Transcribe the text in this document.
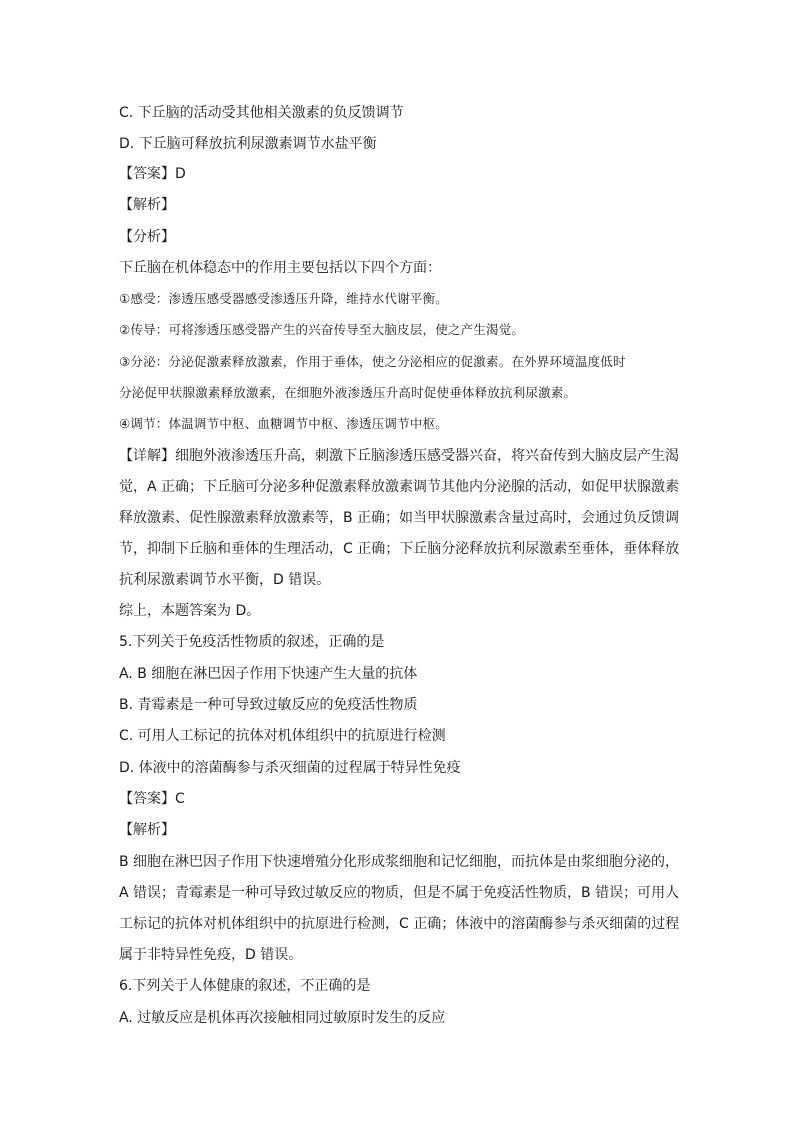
C. 下丘脑的活动受其他相关激素的负反馈调节
D. 下丘脑可释放抗利尿激素调节水盐平衡
【答案】D
【解析】
【分析】
下丘脑在机体稳态中的作用主要包括以下四个方面：
①感受：渗透压感受器感受渗透压升降，维持水代谢平衡。
②传导：可将渗透压感受器产生的兴奋传导至大脑皮层，使之产生渴觉。
③分泌：分泌促激素释放激素，作用于垂体，使之分泌相应的促激素。在外界环境温度低时
分泌促甲状腺激素释放激素，在细胞外液渗透压升高时促使垂体释放抗利尿激素。
④调节：体温调节中枢、血糖调节中枢、渗透压调节中枢。
【详解】细胞外液渗透压升高，刺激下丘脑渗透压感受器兴奋，将兴奋传到大脑皮层产生渴
觉，A 正确；下丘脑可分泌多种促激素释放激素调节其他内分泌腺的活动，如促甲状腺激素
释放激素、促性腺激素释放激素等，B 正确；如当甲状腺激素含量过高时，会通过负反馈调
节，抑制下丘脑和垂体的生理活动，C 正确；下丘脑分泌释放抗利尿激素至垂体，垂体释放
抗利尿激素调节水平衡，D 错误。
综上，本题答案为 D。
5.下列关于免疫活性物质的叙述，正确的是
A. B 细胞在淋巴因子作用下快速产生大量的抗体
B. 青霉素是一种可导致过敏反应的免疫活性物质
C. 可用人工标记的抗体对机体组织中的抗原进行检测
D. 体液中的溶菌酶参与杀灭细菌的过程属于特异性免疫
【答案】C
【解析】
B 细胞在淋巴因子作用下快速增殖分化形成浆细胞和记忆细胞，而抗体是由浆细胞分泌的，
A 错误；青霉素是一种可导致过敏反应的物质，但是不属于免疫活性物质，B 错误；可用人
工标记的抗体对机体组织中的抗原进行检测，C 正确；体液中的溶菌酶参与杀灭细菌的过程
属于非特异性免疫，D 错误。
6.下列关于人体健康的叙述，不正确的是
A. 过敏反应是机体再次接触相同过敏原时发生的反应
